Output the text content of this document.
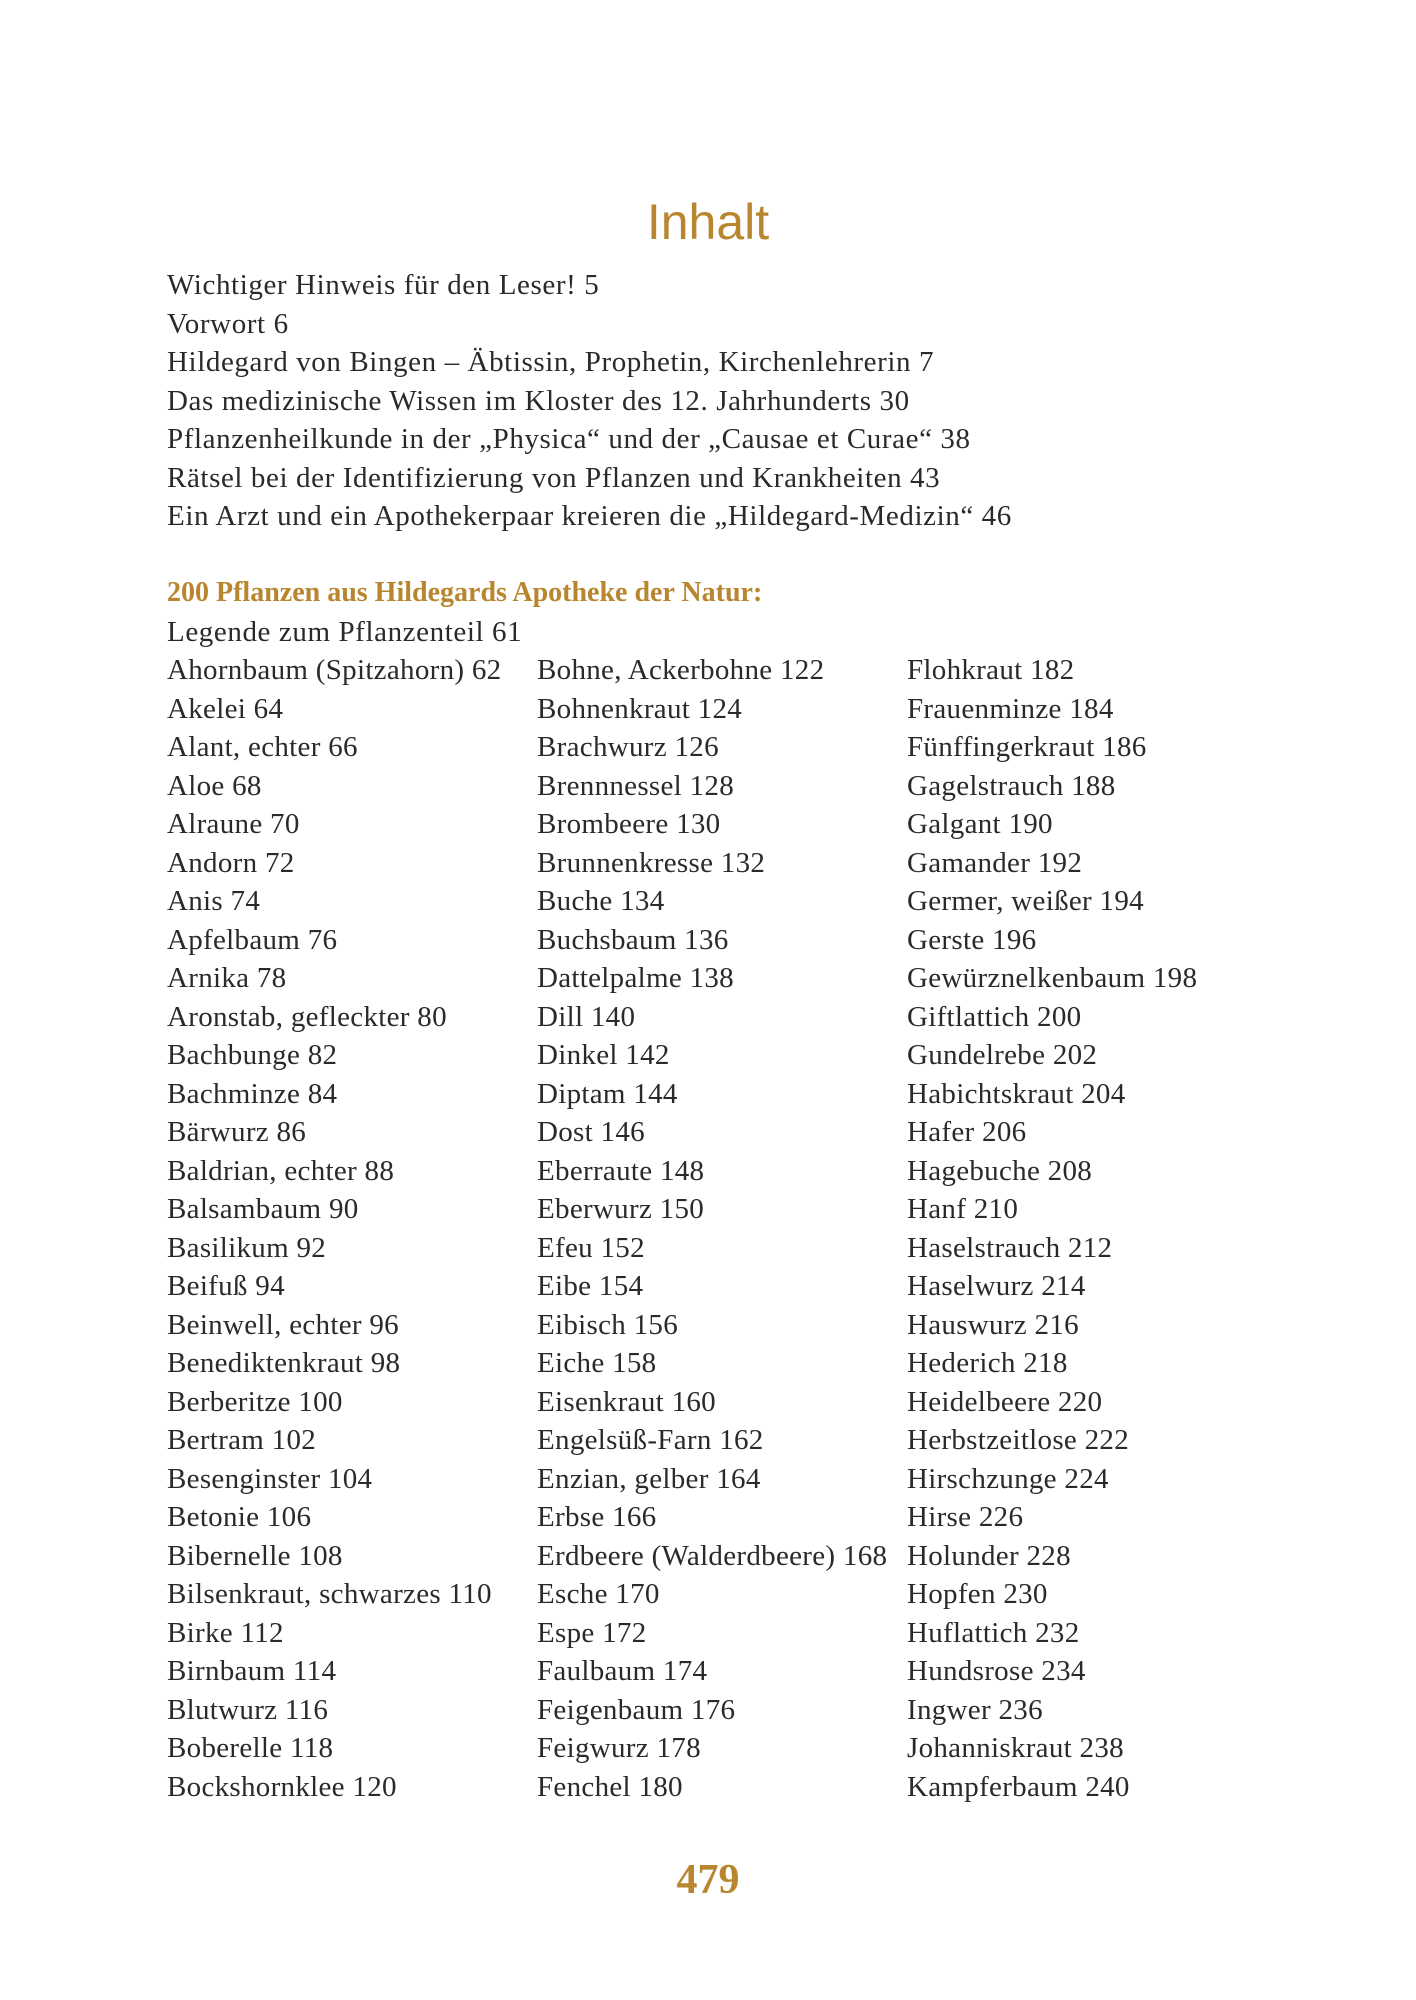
Inhalt
Wichtiger Hinweis für den Leser! 5
Vorwort 6
Hildegard von Bingen – Äbtissin, Prophetin, Kirchenlehrerin 7
Das medizinische Wissen im Kloster des 12. Jahrhunderts 30
Pflanzenheilkunde in der „Physica“ und der „Causae et Curae“ 38
Rätsel bei der Identifizierung von Pflanzen und Krankheiten 43
Ein Arzt und ein Apothekerpaar kreieren die „Hildegard-Medizin“ 46
200 Pflanzen aus Hildegards Apotheke der Natur:
Legende zum Pflanzenteil 61
Ahornbaum (Spitzahorn) 62
Akelei 64
Alant, echter 66
Aloe 68
Alraune 70
Andorn 72
Anis 74
Apfelbaum 76
Arnika 78
Aronstab, gefleckter 80
Bachbunge 82
Bachminze 84
Bärwurz 86
Baldrian, echter 88
Balsambaum 90
Basilikum 92
Beifuß 94
Beinwell, echter 96
Benediktenkraut 98
Berberitze 100
Bertram 102
Besenginster 104
Betonie 106
Bibernelle 108
Bilsenkraut, schwarzes 110
Birke 112
Birnbaum 114
Blutwurz 116
Boberelle 118
Bockshornklee 120
Bohne, Ackerbohne 122
Bohnenkraut 124
Brachwurz 126
Brennnessel 128
Brombeere 130
Brunnenkresse 132
Buche 134
Buchsbaum 136
Dattelpalme 138
Dill 140
Dinkel 142
Diptam 144
Dost 146
Eberraute 148
Eberwurz 150
Efeu 152
Eibe 154
Eibisch 156
Eiche 158
Eisenkraut 160
Engelsüß-Farn 162
Enzian, gelber 164
Erbse 166
Erdbeere (Walderdbeere) 168
Esche 170
Espe 172
Faulbaum 174
Feigenbaum 176
Feigwurz 178
Fenchel 180
Flohkraut 182
Frauenminze 184
Fünffingerkraut 186
Gagelstrauch 188
Galgant 190
Gamander 192
Germer, weißer 194
Gerste 196
Gewürznelkenbaum 198
Giftlattich 200
Gundelrebe 202
Habichtskraut 204
Hafer 206
Hagebuche 208
Hanf 210
Haselstrauch 212
Haselwurz 214
Hauswurz 216
Hederich 218
Heidelbeere 220
Herbstzeitlose 222
Hirschzunge 224
Hirse 226
Holunder 228
Hopfen 230
Huflattich 232
Hundsrose 234
Ingwer 236
Johanniskraut 238
Kampferbaum 240
479
